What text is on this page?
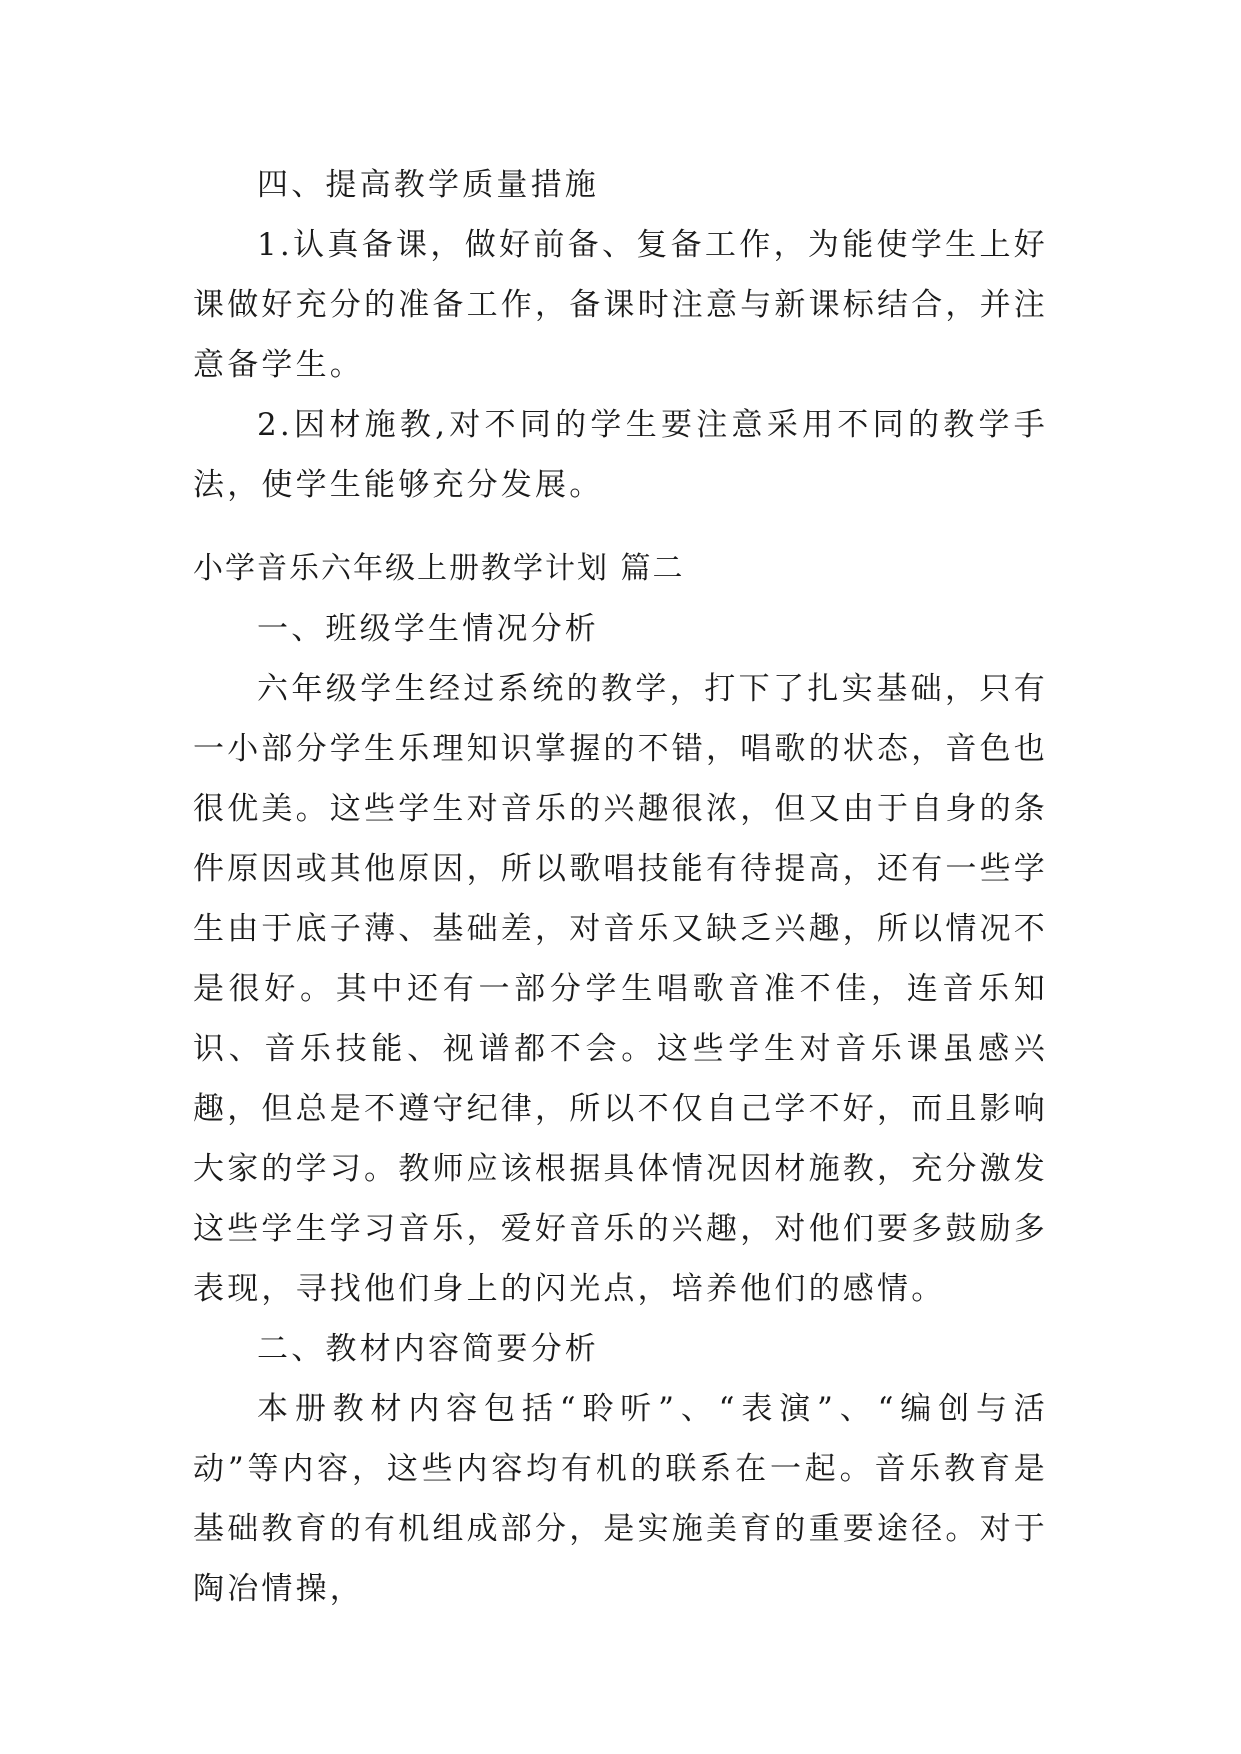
四、提高教学质量措施

1.认真备课，做好前备、复备工作，为能使学生上好课做好充分的准备工作，备课时注意与新课标结合，并注意备学生。

2.因材施教,对不同的学生要注意采用不同的教学手法，使学生能够充分发展。

小学音乐六年级上册教学计划 篇二

一、班级学生情况分析

六年级学生经过系统的教学，打下了扎实基础，只有一小部分学生乐理知识掌握的不错，唱歌的状态，音色也很优美。这些学生对音乐的兴趣很浓，但又由于自身的条件原因或其他原因，所以歌唱技能有待提高，还有一些学生由于底子薄、基础差，对音乐又缺乏兴趣，所以情况不是很好。其中还有一部分学生唱歌音准不佳，连音乐知识、音乐技能、视谱都不会。这些学生对音乐课虽感兴趣，但总是不遵守纪律，所以不仅自己学不好，而且影响大家的学习。教师应该根据具体情况因材施教，充分激发这些学生学习音乐，爱好音乐的兴趣，对他们要多鼓励多表现，寻找他们身上的闪光点，培养他们的感情。

二、教材内容简要分析

本册教材内容包括“聆听”、“表演”、“编创与活动”等内容，这些内容均有机的联系在一起。音乐教育是基础教育的有机组成部分，是实施美育的重要途径。对于陶冶情操，
